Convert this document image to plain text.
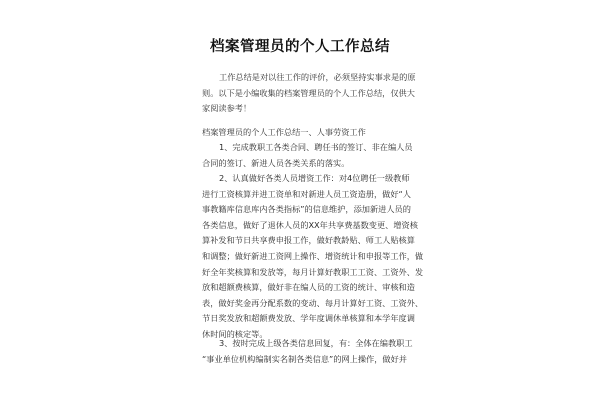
档案管理员的个人工作总结
工作总结是对以往工作的评价，必须坚持实事求是的原
则。以下是小编收集的档案管理员的个人工作总结，仅供大
家阅读参考！
档案管理员的个人工作总结一、人事劳资工作
1、完成教职工各类合同、聘任书的签订、非在编人员
合同的签订、新进人员各类关系的落实。
2、认真做好各类人员增资工作：对4位聘任一级教师
进行工资核算并进工资单和对新进人员工资造册，做好“人
事教籍库信息库内各类指标”的信息维护，添加新进人员的
各类信息，做好了退休人员的XX年共享费基数变更、增资核
算补发和节日共享费申报工作，做好教龄贴、师工人贴核算
和调整；做好新进工资网上操作、增资统计和申报等工作，做
好全年奖核算和发放等，每月计算好教职工工资、工资外、发
放和超额费核算，做好非在编人员的工资的统计、审核和造
表，做好奖金再分配系数的变动、每月计算好工资、工资外、
节日奖发放和超额费发放、学年度调休单核算和本学年度调
休时间的核定等。
3、按时完成上级各类信息回复，有：全体在编教职工
“事业单位机构编制实名制各类信息”的网上操作，做好并
